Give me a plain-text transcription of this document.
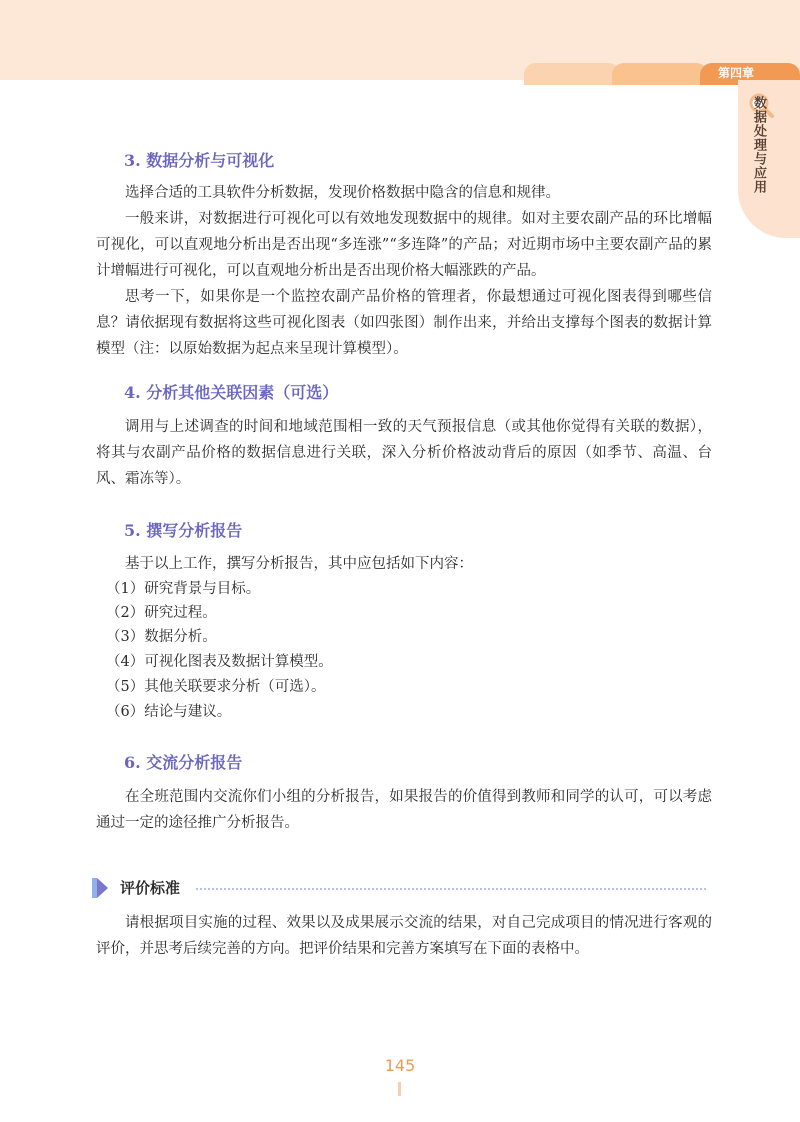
第四章
数据处理与应用
3. 数据分析与可视化

选择合适的工具软件分析数据，发现价格数据中隐含的信息和规律。

一般来讲，对数据进行可视化可以有效地发现数据中的规律。如对主要农副产品的环比增幅可视化，可以直观地分析出是否出现“多连涨”“多连降”的产品；对近期市场中主要农副产品的累计增幅进行可视化，可以直观地分析出是否出现价格大幅涨跌的产品。

思考一下，如果你是一个监控农副产品价格的管理者，你最想通过可视化图表得到哪些信息？请依据现有数据将这些可视化图表（如四张图）制作出来，并给出支撑每个图表的数据计算模型（注：以原始数据为起点来呈现计算模型）。

4. 分析其他关联因素（可选）

调用与上述调查的时间和地域范围相一致的天气预报信息（或其他你觉得有关联的数据），将其与农副产品价格的数据信息进行关联，深入分析价格波动背后的原因（如季节、高温、台风、霜冻等）。

5. 撰写分析报告

基于以上工作，撰写分析报告，其中应包括如下内容：

（1）研究背景与目标。
（2）研究过程。
（3）数据分析。
（4）可视化图表及数据计算模型。
（5）其他关联要求分析（可选）。
（6）结论与建议。
6. 交流分析报告

在全班范围内交流你们小组的分析报告，如果报告的价值得到教师和同学的认可，可以考虑通过一定的途径推广分析报告。

请根据项目实施的过程、效果以及成果展示交流的结果，对自己完成项目的情况进行客观的评价，并思考后续完善的方向。把评价结果和完善方案填写在下面的表格中。

评价标准
145
